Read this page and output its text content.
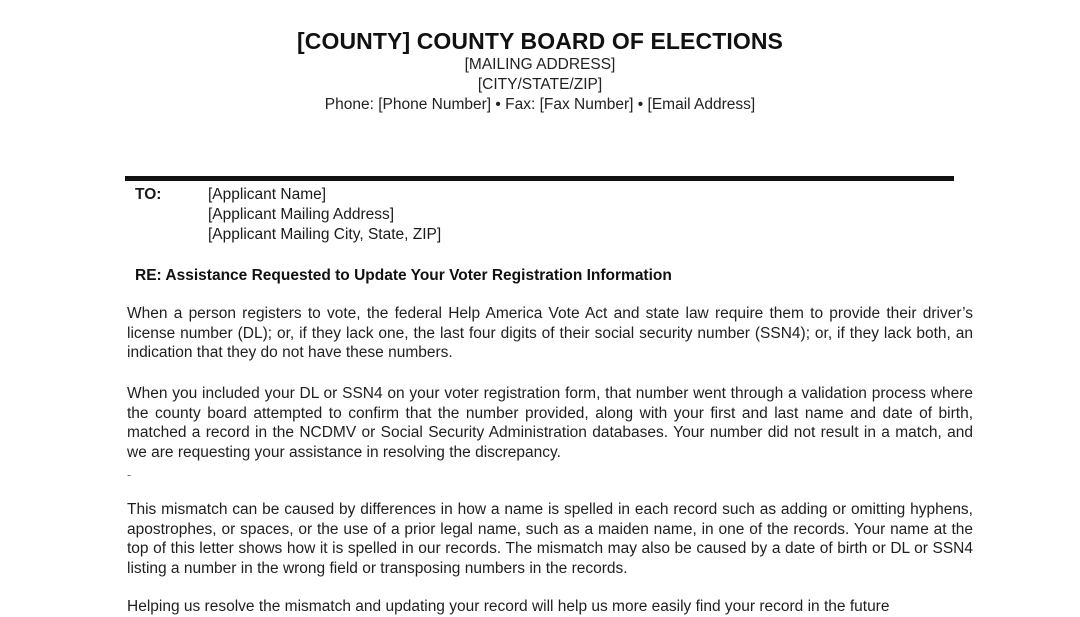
[COUNTY] COUNTY BOARD OF ELECTIONS
[MAILING ADDRESS]
[CITY/STATE/ZIP]
Phone: [Phone Number] • Fax: [Fax Number] • [Email Address]
TO:	[Applicant Name]
[Applicant Mailing Address]
[Applicant Mailing City, State, ZIP]
RE: Assistance Requested to Update Your Voter Registration Information
When a person registers to vote, the federal Help America Vote Act and state law require them to provide their driver’s license number (DL); or, if they lack one, the last four digits of their social security number (SSN4); or, if they lack both, an indication that they do not have these numbers.
When you included your DL or SSN4 on your voter registration form, that number went through a validation process where the county board attempted to confirm that the number provided, along with your first and last name and date of birth, matched a record in the NCDMV or Social Security Administration databases. Your number did not result in a match, and we are requesting your assistance in resolving the discrepancy.
-
This mismatch can be caused by differences in how a name is spelled in each record such as adding or omitting hyphens, apostrophes, or spaces, or the use of a prior legal name, such as a maiden name, in one of the records. Your name at the top of this letter shows how it is spelled in our records. The mismatch may also be caused by a date of birth or DL or SSN4 listing a number in the wrong field or transposing numbers in the records.
Helping us resolve the mismatch and updating your record will help us more easily find your record in the future
